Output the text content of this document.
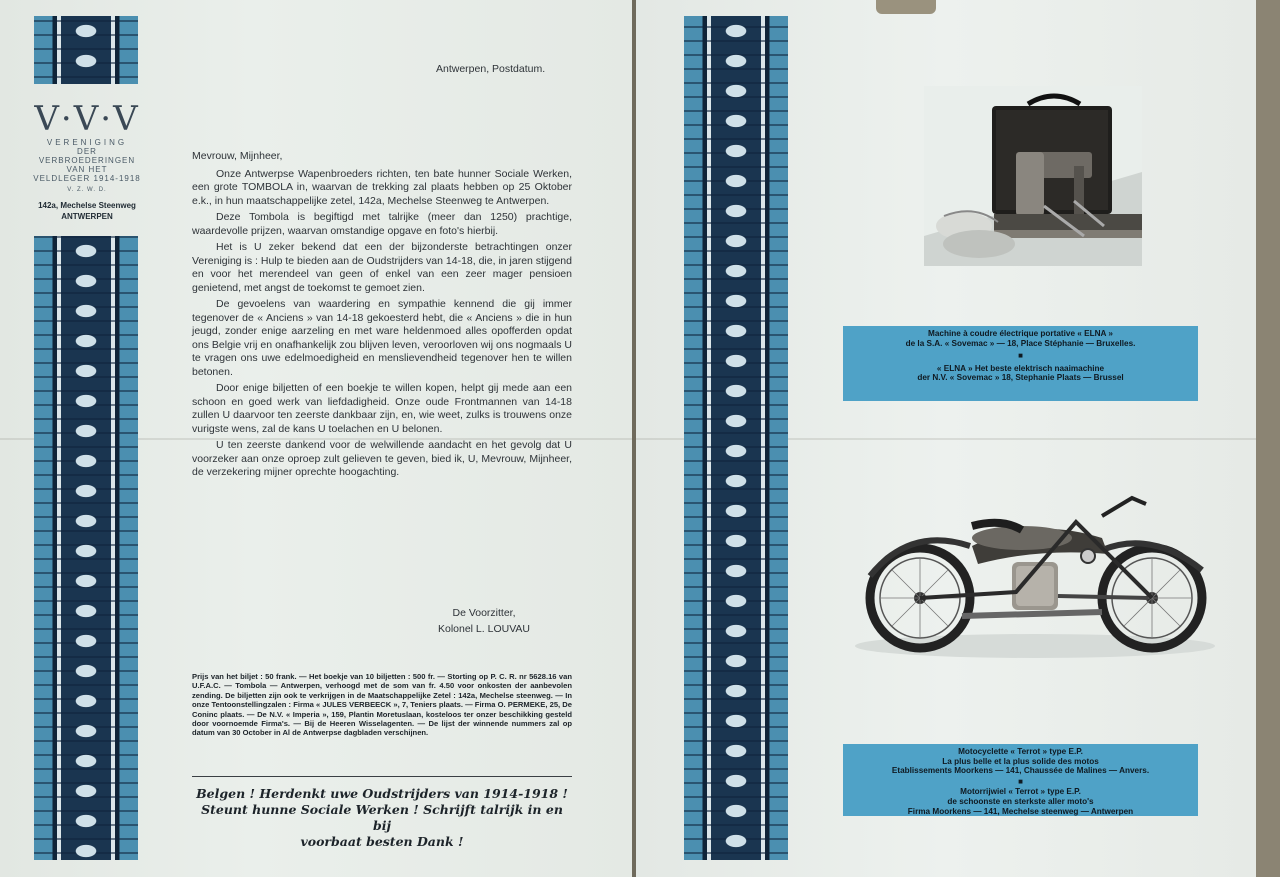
V·V·V
VERENIGING
DER VERBROEDERINGEN VAN HET
VELDLEGER 1914-1918
V. Z. W. D.
142a, Mechelse Steenweg
ANTWERPEN
Antwerpen, Postdatum.

Mevrouw, Mijnheer,

Onze Antwerpse Wapenbroeders richten, ten bate hunner Sociale Werken, een grote TOMBOLA in, waarvan de trekking zal plaats hebben op 25 Oktober e.k., in hun maatschappelijke zetel, 142a, Mechelse Steenweg te Antwerpen.

Deze Tombola is begiftigd met talrijke (meer dan 1250) prachtige, waardevolle prijzen, waarvan omstandige opgave en foto's hierbij.

Het is U zeker bekend dat een der bijzonderste betrachtingen onzer Vereniging is : Hulp te bieden aan de Oudstrijders van 14-18, die, in jaren stijgend en voor het merendeel van geen of enkel van een zeer mager pensioen genietend, met angst de toekomst te gemoet zien.

De gevoelens van waardering en sympathie kennend die gij immer tegenover de « Anciens » van 14-18 gekoesterd hebt, die « Anciens » die in hun jeugd, zonder enige aarzeling en met ware heldenmoed alles opofferden opdat ons Belgie vrij en onafhankelijk zou blijven leven, veroorloven wij ons nogmaals U te vragen ons uwe edelmoedigheid en menslievendheid tegenover hen te willen betonen.

Door enige biljetten of een boekje te willen kopen, helpt gij mede aan een schoon en goed werk van liefdadigheid. Onze oude Frontmannen van 14-18 zullen U daarvoor ten zeerste dankbaar zijn, en, wie weet, zulks is trouwens onze vurigste wens, zal de kans U toelachen en U belonen.

U ten zeerste dankend voor de welwillende aandacht en het gevolg dat U voorzeker aan onze oproep zult gelieven te geven, bied ik, U, Mevrouw, Mijnheer, de verzekering mijner oprechte hoogachting.

De Voorzitter,
Kolonel L. LOUVAU
Prijs van het biljet : 50 frank. — Het boekje van 10 biljetten : 500 fr. — Storting op P. C. R. nr 5628.16 van U.F.A.C. — Tombola — Antwerpen, verhoogd met de som van fr. 4.50 voor onkosten der aanbevolen zending. De biljetten zijn ook te verkrijgen in de Maatschappelijke Zetel : 142a, Mechelse steenweg. — In onze Tentoonstellingzalen : Firma « JULES VERBEECK », 7, Teniers plaats. — Firma O. PERMEKE, 25, De Coninc plaats. — De N.V. « Imperia », 159, Plantin Moretuslaan, kosteloos ter onzer beschikking gesteld door voornoemde Firma's. — Bij de Heeren Wisselagenten. — De lijst der winnende nummers zal op datum van 30 October in Al de Antwerpse dagbladen verschijnen.
Belgen ! Herdenkt uwe Oudstrijders van 1914-1918 !
Steunt hunne Sociale Werken ! Schrijft talrijk in en bij
voorbaat besten Dank !
Machine à coudre électrique portative « ELNA »
de la S.A. « Sovemac » — 18, Place Stéphanie — Bruxelles.
■
« ELNA » Het beste elektrisch naaimachine
der N.V. « Sovemac » 18, Stephanie Plaats — Brussel
Motocyclette « Terrot » type E.P.
La plus belle et la plus solide des motos
Etablissements Moorkens — 141, Chaussée de Malines — Anvers.
■
Motorrijwiel « Terrot » type E.P.
de schoonste en sterkste aller moto's
Firma Moorkens — 141, Mechelse steenweg — Antwerpen
